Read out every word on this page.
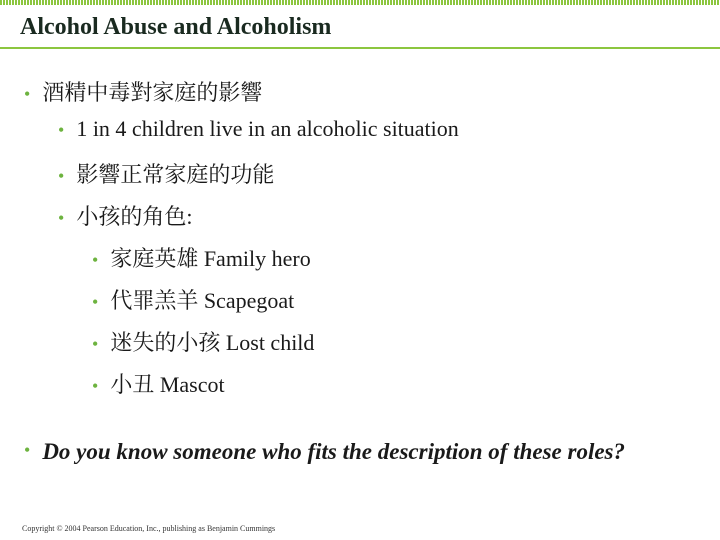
Alcohol Abuse and Alcoholism
• 酒精中毒對家庭的影響
• 1 in 4 children live in an alcoholic situation
• 影響正常家庭的功能
• 小孩的角色:
• 家庭英雄 Family hero
• 代罪羔羊 Scapegoat
• 迷失的小孩 Lost child
• 小丑 Mascot
• Do you know someone who fits the description of these roles?
Copyright © 2004 Pearson Education, Inc., publishing as Benjamin Cummings
